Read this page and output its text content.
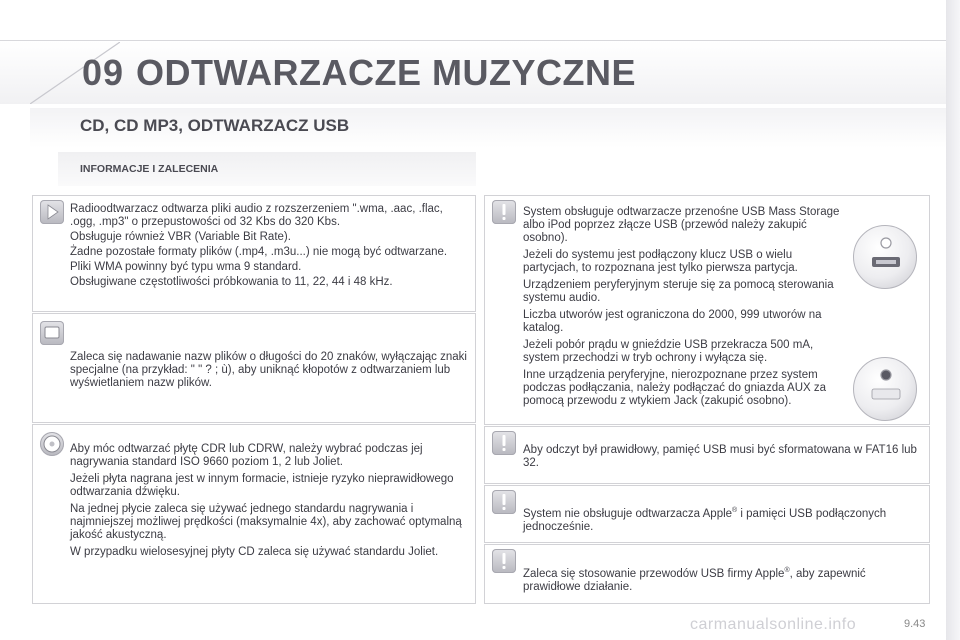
09 ODTWARZACZE MUZYCZNE
CD, CD MP3, ODTWARZACZ USB
INFORMACJE I ZALECENIA

Radioodtwarzacz odtwarza pliki audio z rozszerzeniem ".wma, .aac, .flac, .ogg, .mp3" o przepustowości od 32 Kbs do 320 Kbs.

Obsługuje również VBR (Variable Bit Rate).

Żadne pozostałe formaty plików (.mp4, .m3u...) nie mogą być odtwarzane.

Pliki WMA powinny być typu wma 9 standard.

Obsługiwane częstotliwości próbkowania to 11, 22, 44 i 48 kHz.

Zaleca się nadawanie nazw plików o długości do 20 znaków, wyłączając znaki specjalne (na przykład: " " ? ; ù), aby uniknąć kłopotów z odtwarzaniem lub wyświetlaniem nazw plików.

Aby móc odtwarzać płytę CDR lub CDRW, należy wybrać podczas jej nagrywania standard ISO 9660 poziom 1, 2 lub Joliet.

Jeżeli płyta nagrana jest w innym formacie, istnieje ryzyko nieprawidłowego odtwarzania dźwięku.

Na jednej płycie zaleca się używać jednego standardu nagrywania i najmniejszej możliwej prędkości (maksymalnie 4x), aby zachować optymalną jakość akustyczną.

W przypadku wielosesyjnej płyty CD zaleca się używać standardu Joliet.

System obsługuje odtwarzacze przenośne USB Mass Storage albo iPod poprzez złącze USB (przewód należy zakupić osobno).

Jeżeli do systemu jest podłączony klucz USB o wielu partycjach, to rozpoznana jest tylko pierwsza partycja.

Urządzeniem peryferyjnym steruje się za pomocą sterowania systemu audio.

Liczba utworów jest ograniczona do 2000, 999 utworów na katalog.

Jeżeli pobór prądu w gnieździe USB przekracza 500 mA, system przechodzi w tryb ochrony i wyłącza się.

Inne urządzenia peryferyjne, nierozpoznane przez system podczas podłączania, należy podłączać do gniazda AUX za pomocą przewodu z wtykiem Jack (zakupić osobno).

Aby odczyt był prawidłowy, pamięć USB musi być sformatowana w FAT16 lub 32.
System nie obsługuje odtwarzacza Apple® i pamięci USB podłączonych jednocześnie.
Zaleca się stosowanie przewodów USB firmy Apple®, aby zapewnić prawidłowe działanie.
carmanualsonline.info	9.43
